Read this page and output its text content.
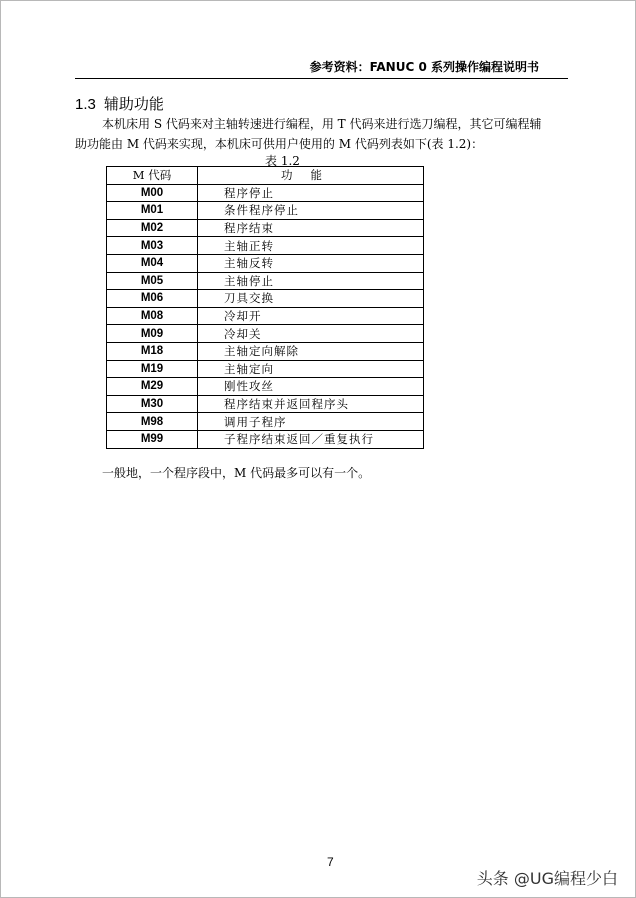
参考资料：FANUC 0 系列操作编程说明书
1.3 辅助功能

本机床用 S 代码来对主轴转速进行编程，用 T 代码来进行选刀编程，其它可编程辅

助功能由 M 代码来实现，本机床可供用户使用的 M 代码列表如下(表 1.2)：

表 1.2
M 代码	功能
M00	程序停止
M01	条件程序停止
M02	程序结束
M03	主轴正转
M04	主轴反转
M05	主轴停止
M06	刀具交换
M08	冷却开
M09	冷却关
M18	主轴定向解除
M19	主轴定向
M29	刚性攻丝
M30	程序结束并返回程序头
M98	调用子程序
M99	子程序结束返回／重复执行

一般地，一个程序段中，M 代码最多可以有一个。

7
头条 @UG编程少白
